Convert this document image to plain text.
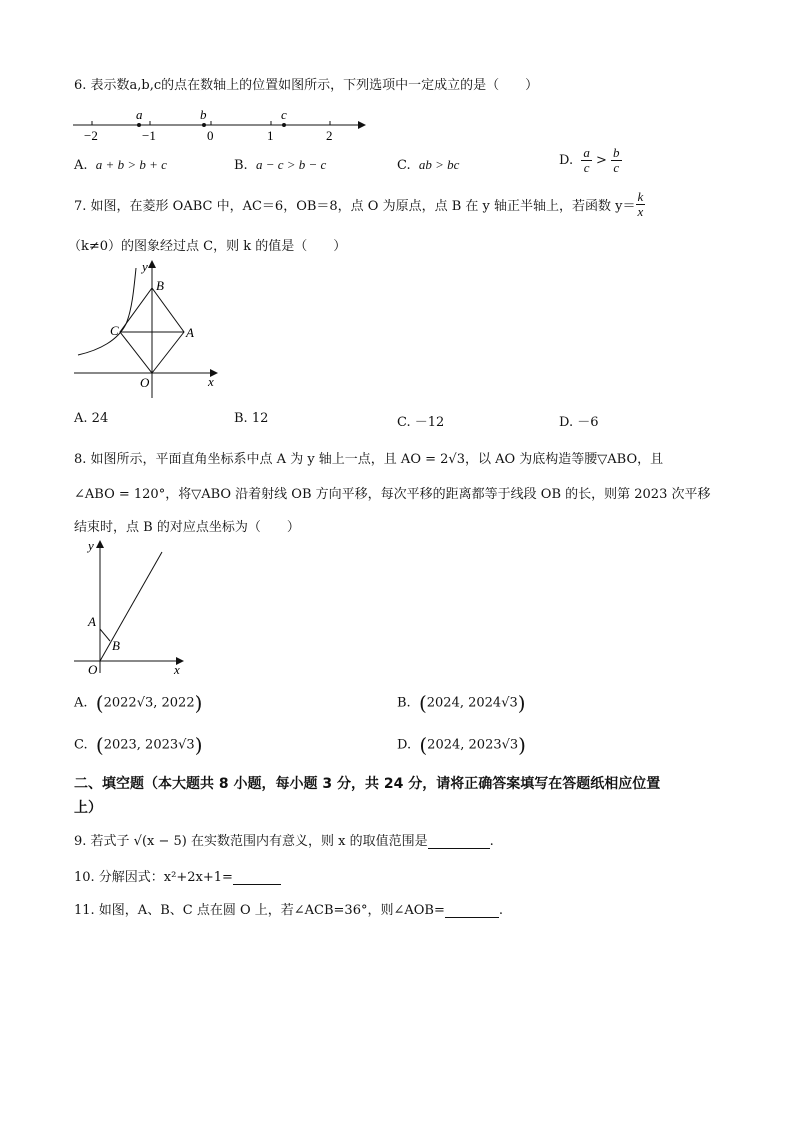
6. 表示数a,b,c的点在数轴上的位置如图所示，下列选项中一定成立的是（　　）
a	b	c
−2	−1	0	1	2
A. a + b > b + c	B. a − c > b − c	C. ab > bc	D. $\frac{a}{c} > \frac{b}{c}$
7. 如图，在菱形 OABC 中，AC＝6，OB＝8，点 O 为原点，点 B 在 y 轴正半轴上，若函数 $y= \frac{k}{x}$
（k≠0）的图象经过点 C，则 k 的值是（　　）
y
x
B
C	A
O
A. 24	B. 12	C. －12	D. －6
8. 如图所示，平面直角坐标系中点 A 为 y 轴上一点，且 AO = 2√3，以 AO 为底构造等腰▽ABO，且
∠ABO = 120°，将▽ABO 沿着射线 OB 方向平移，每次平移的距离都等于线段 OB 的长，则第 2023 次平移
结束时，点 B 的对应点坐标为（　　）
y
x
A
B
O
A. (2022√3, 2022)	B. (2024, 2024√3)
C. (2023, 2023√3)	D. (2024, 2023√3)
二、填空题（本大题共 8 小题，每小题 3 分，共 24 分，请将正确答案填写在答题纸相应位置
上）
9. 若式子 √(x − 5) 在实数范围内有意义，则 x 的取值范围是	.
10. 分解因式：x²+2x+1=
11. 如图，A、B、C 点在圆 O 上，若∠ACB=36°，则∠AOB=	.
